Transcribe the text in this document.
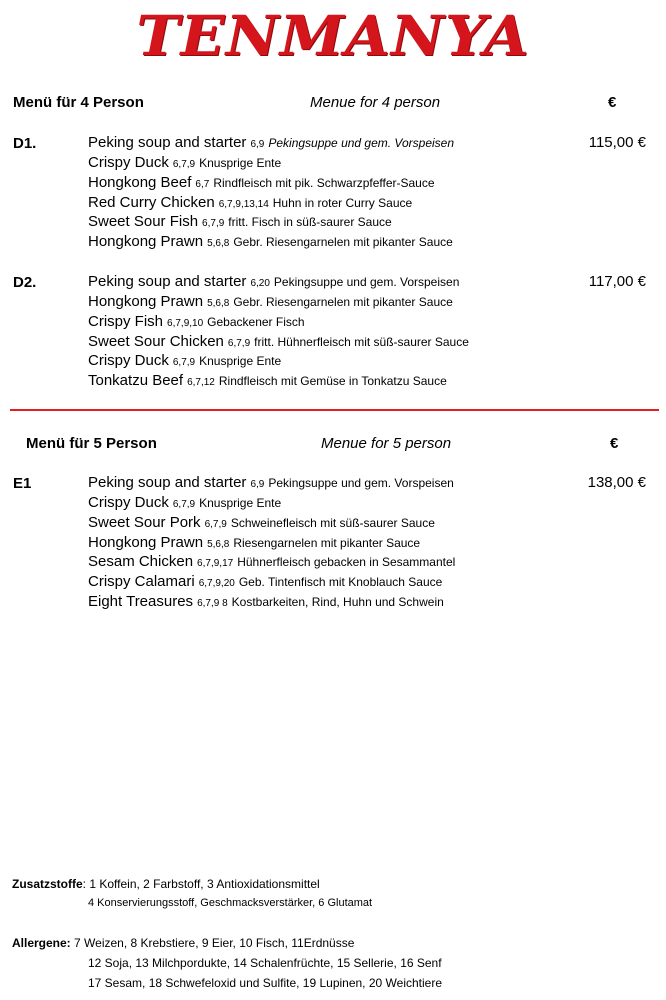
TENMANYA
Menü für 4 Person	Menue for 4 person	€
D1.	115,00 €
Peking soup and starter 6,9 Pekingsuppe und gem. Vorspeisen
Crispy Duck 6,7,9 Knusprige Ente
Hongkong Beef 6,7 Rindfleisch mit pik. Schwarzpfeffer-Sauce
Red Curry Chicken 6,7,9,13,14 Huhn in roter Curry Sauce
Sweet Sour Fish 6,7,9 fritt. Fisch in süß-saurer Sauce
Hongkong Prawn 5,6,8 Gebr. Riesengarnelen mit pikanter Sauce
D2.	117,00 €
Peking soup and starter 6,20 Pekingsuppe und gem. Vorspeisen
Hongkong Prawn 5,6,8 Gebr. Riesengarnelen mit pikanter Sauce
Crispy Fish 6,7,9,10 Gebackener Fisch
Sweet Sour Chicken 6,7,9 fritt. Hühnerfleisch mit süß-saurer Sauce
Crispy Duck 6,7,9 Knusprige Ente
Tonkatzu Beef 6,7,12 Rindfleisch mit Gemüse in Tonkatzu Sauce
Menü für 5 Person	Menue for 5 person	€
E1	138,00 €
Peking soup and starter 6,9 Pekingsuppe und gem. Vorspeisen
Crispy Duck 6,7,9 Knusprige Ente
Sweet Sour Pork 6,7,9 Schweinefleisch mit süß-saurer Sauce
Hongkong Prawn 5,6,8 Riesengarnelen mit pikanter Sauce
Sesam Chicken 6,7,9,17 Hühnerfleisch gebacken in Sesammantel
Crispy Calamari 6,7,9,20 Geb. Tintenfisch mit Knoblauch Sauce
Eight Treasures 6,7,9 8 Kostbarkeiten, Rind, Huhn und Schwein
Zusatzstoffe: 1 Koffein, 2 Farbstoff, 3 Antioxidationsmittel
4 Konservierungsstoff, Geschmacksverstärker, 6 Glutamat
Allergene: 7 Weizen, 8 Krebstiere, 9 Eier, 10 Fisch, 11Erdnüsse
12 Soja, 13 Milchpordukte, 14 Schalenfrüchte, 15 Sellerie, 16 Senf
17 Sesam, 18 Schwefeloxid und Sulfite, 19 Lupinen, 20 Weichtiere
